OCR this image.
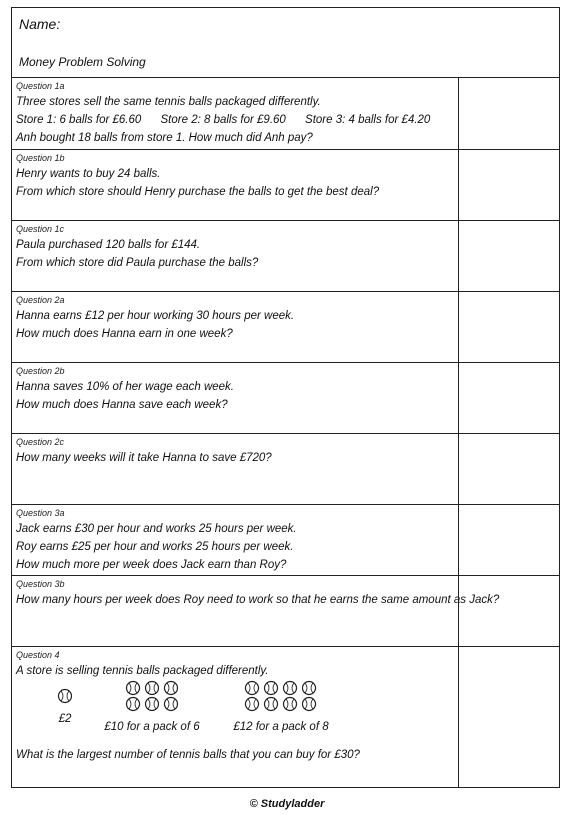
Name:
Money Problem Solving
Question 1a
Three stores sell the same tennis balls packaged differently.
Store 1: 6 balls for £6.60 Store 2: 8 balls for £9.60 Store 3: 4 balls for £4.20
Anh bought 18 balls from store 1. How much did Anh pay?
Question 1b
Henry wants to buy 24 balls.
From which store should Henry purchase the balls to get the best deal?
Question 1c
Paula purchased 120 balls for £144.
From which store did Paula purchase the balls?
Question 2a
Hanna earns £12 per hour working 30 hours per week.
How much does Hanna earn in one week?
Question 2b
Hanna saves 10% of her wage each week.
How much does Hanna save each week?
Question 2c
How many weeks will it take Hanna to save £720?
Question 3a
Jack earns £30 per hour and works 25 hours per week.
Roy earns £25 per hour and works 25 hours per week.
How much more per week does Jack earn than Roy?
Question 3b
How many hours per week does Roy need to work so that he earns the same amount as Jack?
Question 4
A store is selling tennis balls packaged differently.
£2
£10 for a pack of 6	£12 for a pack of 8
What is the largest number of tennis balls that you can buy for £30?
© Studyladder
